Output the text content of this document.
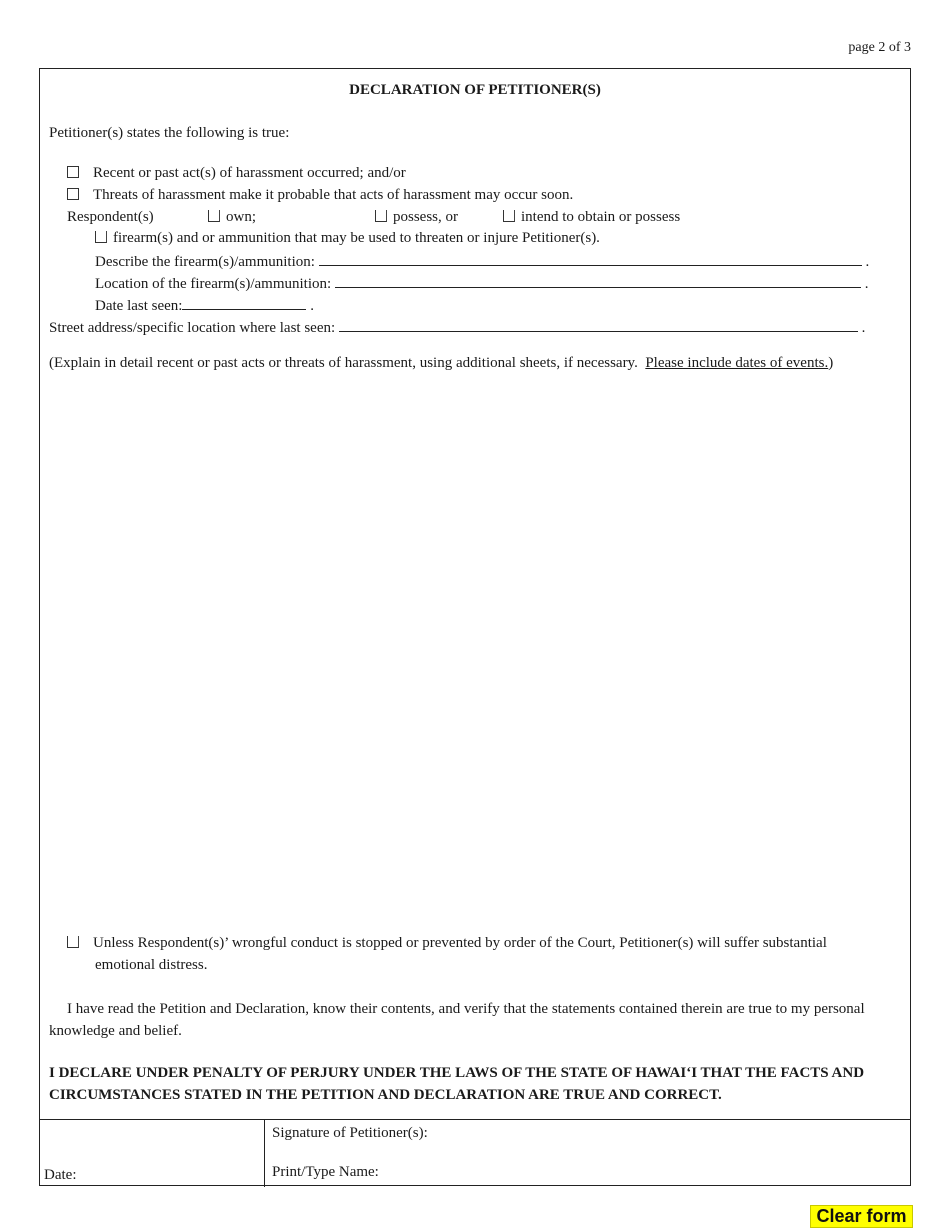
page 2 of 3
DECLARATION OF PETITIONER(S)
Petitioner(s) states the following is true:
Recent or past act(s) of harassment occurred; and/or
Threats of harassment make it probable that acts of harassment may occur soon.
Respondent(s)	own;	possess, or	intend to obtain or possess
firearm(s) and or ammunition that may be used to threaten or injure Petitioner(s).
Describe the firearm(s)/ammunition:	.
Location of the firearm(s)/ammunition:	.
Date last seen:	.
Street address/specific location where last seen:	.
(Explain in detail recent or past acts or threats of harassment, using additional sheets, if necessary. Please include dates of events.)
Unless Respondent(s)’ wrongful conduct is stopped or prevented by order of the Court, Petitioner(s) will suffer substantial
emotional distress.
I have read the Petition and Declaration, know their contents, and verify that the statements contained therein are true to my personal knowledge and belief.
I DECLARE UNDER PENALTY OF PERJURY UNDER THE LAWS OF THE STATE OF HAWAIʻI THAT THE FACTS AND CIRCUMSTANCES STATED IN THE PETITION AND DECLARATION ARE TRUE AND CORRECT.
Date:
Signature of Petitioner(s):
Print/Type Name:
Clear form
